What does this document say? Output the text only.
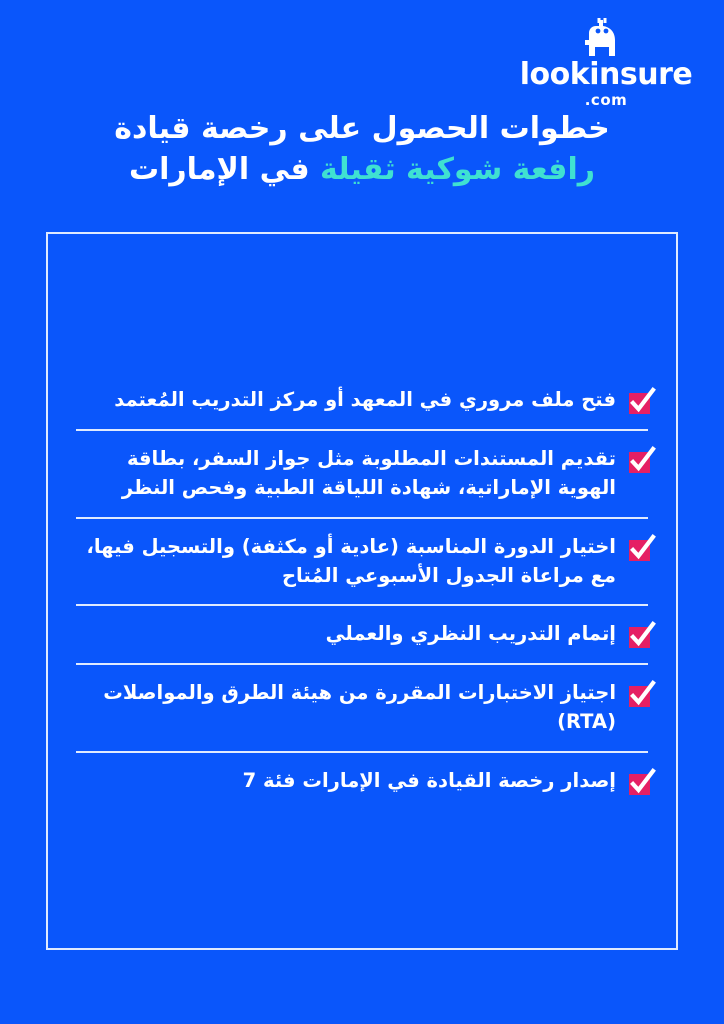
lookinsure
.com
خطوات الحصول على رخصة قيادة
رافعة شوكية ثقيلة في الإمارات
فتح ملف مروري في المعهد أو مركز التدريب المُعتمد
تقديم المستندات المطلوبة مثل جواز السفر، بطاقة الهوية الإماراتية، شهادة اللياقة الطبية وفحص النظر
اختيار الدورة المناسبة (عادية أو مكثفة) والتسجيل فيها، مع مراعاة الجدول الأسبوعي المُتاح
إتمام التدريب النظري والعملي
اجتياز الاختبارات المقررة من هيئة الطرق والمواصلات (RTA)
إصدار رخصة القيادة في الإمارات فئة 7
